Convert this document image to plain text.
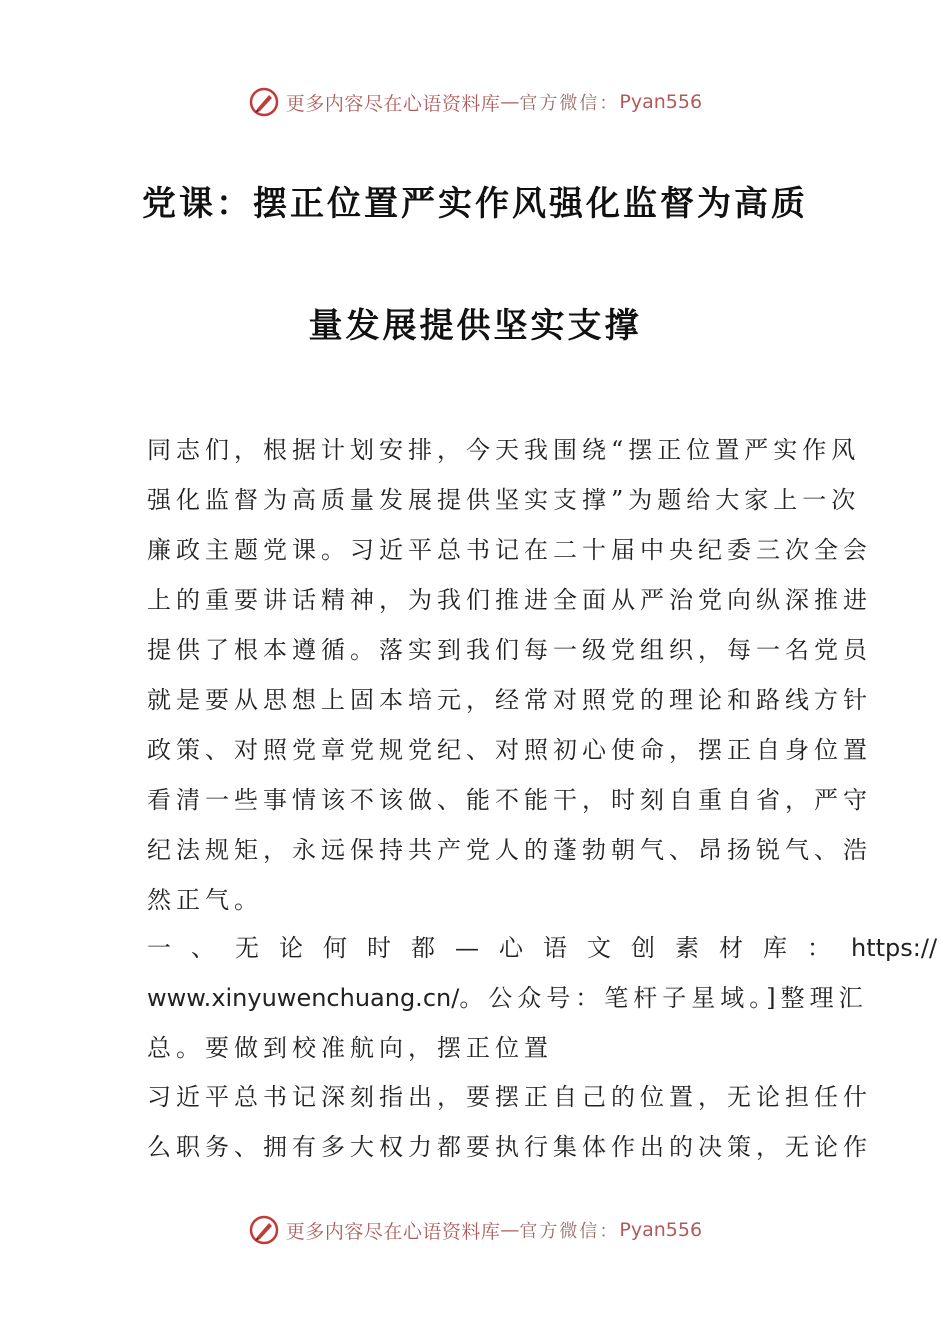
更多内容尽在心语资料库 — 官方微信： Pyan556
党课：摆正位置严实作风强化监督为高质
量发展提供坚实支撑
同志们，根据计划安排，今天我围绕“摆正位置严实作风
强化监督为高质量发展提供坚实支撑”为题给大家上一次
廉政主题党课。习近平总书记在二十届中央纪委三次全会
上的重要讲话精神，为我们推进全面从严治党向纵深推进
提供了根本遵循。落实到我们每一级党组织，每一名党员
就是要从思想上固本培元，经常对照党的理论和路线方针
政策、对照党章党规党纪、对照初心使命，摆正自身位置
看清一些事情该不该做、能不能干，时刻自重自省，严守
纪法规矩，永远保持共产党人的蓬勃朝气、昂扬锐气、浩
然正气。
一、无论何时都—心语文创素材库：https://
www.xinyuwenchuang.cn/。公众号：笔杆子星域。]整理汇
总。要做到校准航向，摆正位置
习近平总书记深刻指出，要摆正自己的位置，无论担任什
么职务、拥有多大权力都要执行集体作出的决策，无论作
更多内容尽在心语资料库 — 官方微信： Pyan556
